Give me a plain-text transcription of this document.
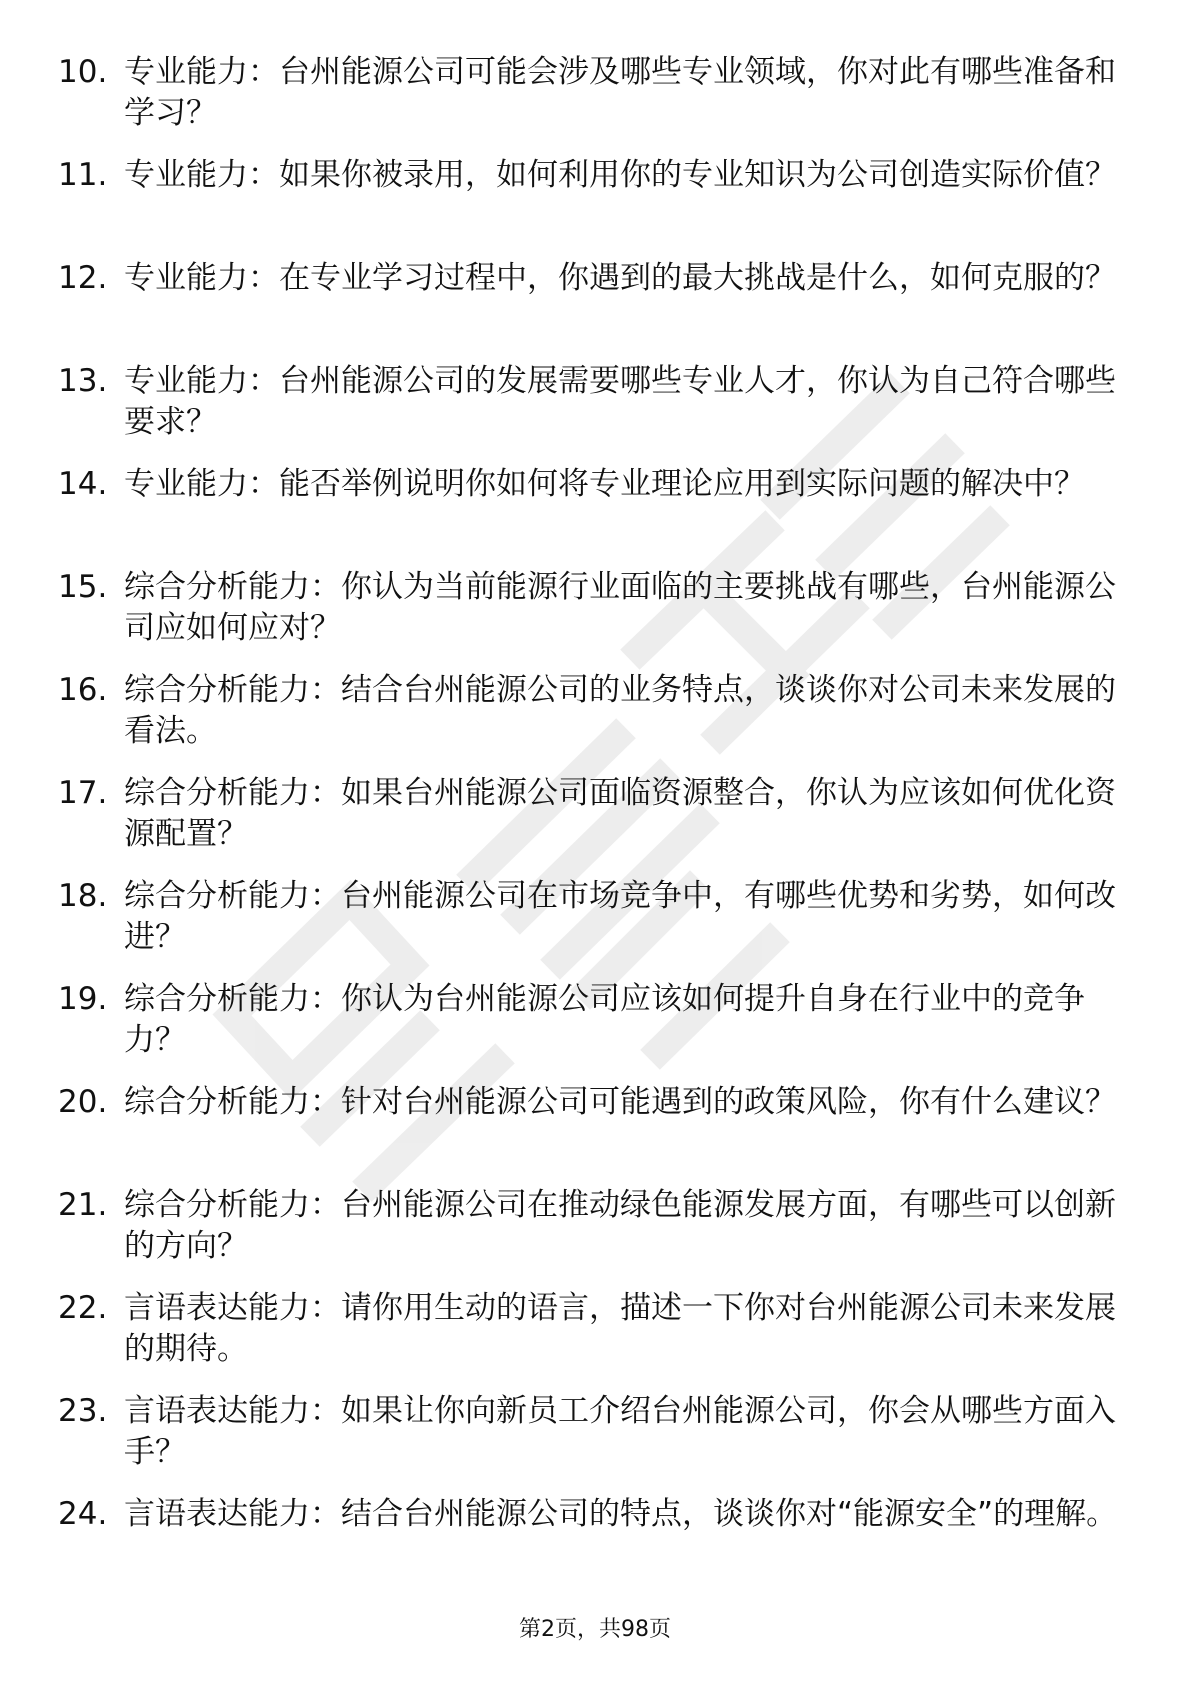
10. 专业能力：台州能源公司可能会涉及哪些专业领域，你对此有哪些准备和学习？
11. 专业能力：如果你被录用，如何利用你的专业知识为公司创造实际价值？
12. 专业能力：在专业学习过程中，你遇到的最大挑战是什么，如何克服的？
13. 专业能力：台州能源公司的发展需要哪些专业人才，你认为自己符合哪些要求？
14. 专业能力：能否举例说明你如何将专业理论应用到实际问题的解决中？
15. 综合分析能力：你认为当前能源行业面临的主要挑战有哪些，台州能源公司应如何应对？
16. 综合分析能力：结合台州能源公司的业务特点，谈谈你对公司未来发展的看法。
17. 综合分析能力：如果台州能源公司面临资源整合，你认为应该如何优化资源配置？
18. 综合分析能力：台州能源公司在市场竞争中，有哪些优势和劣势，如何改进？
19. 综合分析能力：你认为台州能源公司应该如何提升自身在行业中的竞争力？
20. 综合分析能力：针对台州能源公司可能遇到的政策风险，你有什么建议？
21. 综合分析能力：台州能源公司在推动绿色能源发展方面，有哪些可以创新的方向？
22. 言语表达能力：请你用生动的语言，描述一下你对台州能源公司未来发展的期待。
23. 言语表达能力：如果让你向新员工介绍台州能源公司，你会从哪些方面入手？
24. 言语表达能力：结合台州能源公司的特点，谈谈你对“能源安全”的理解。
第2页，共98页
